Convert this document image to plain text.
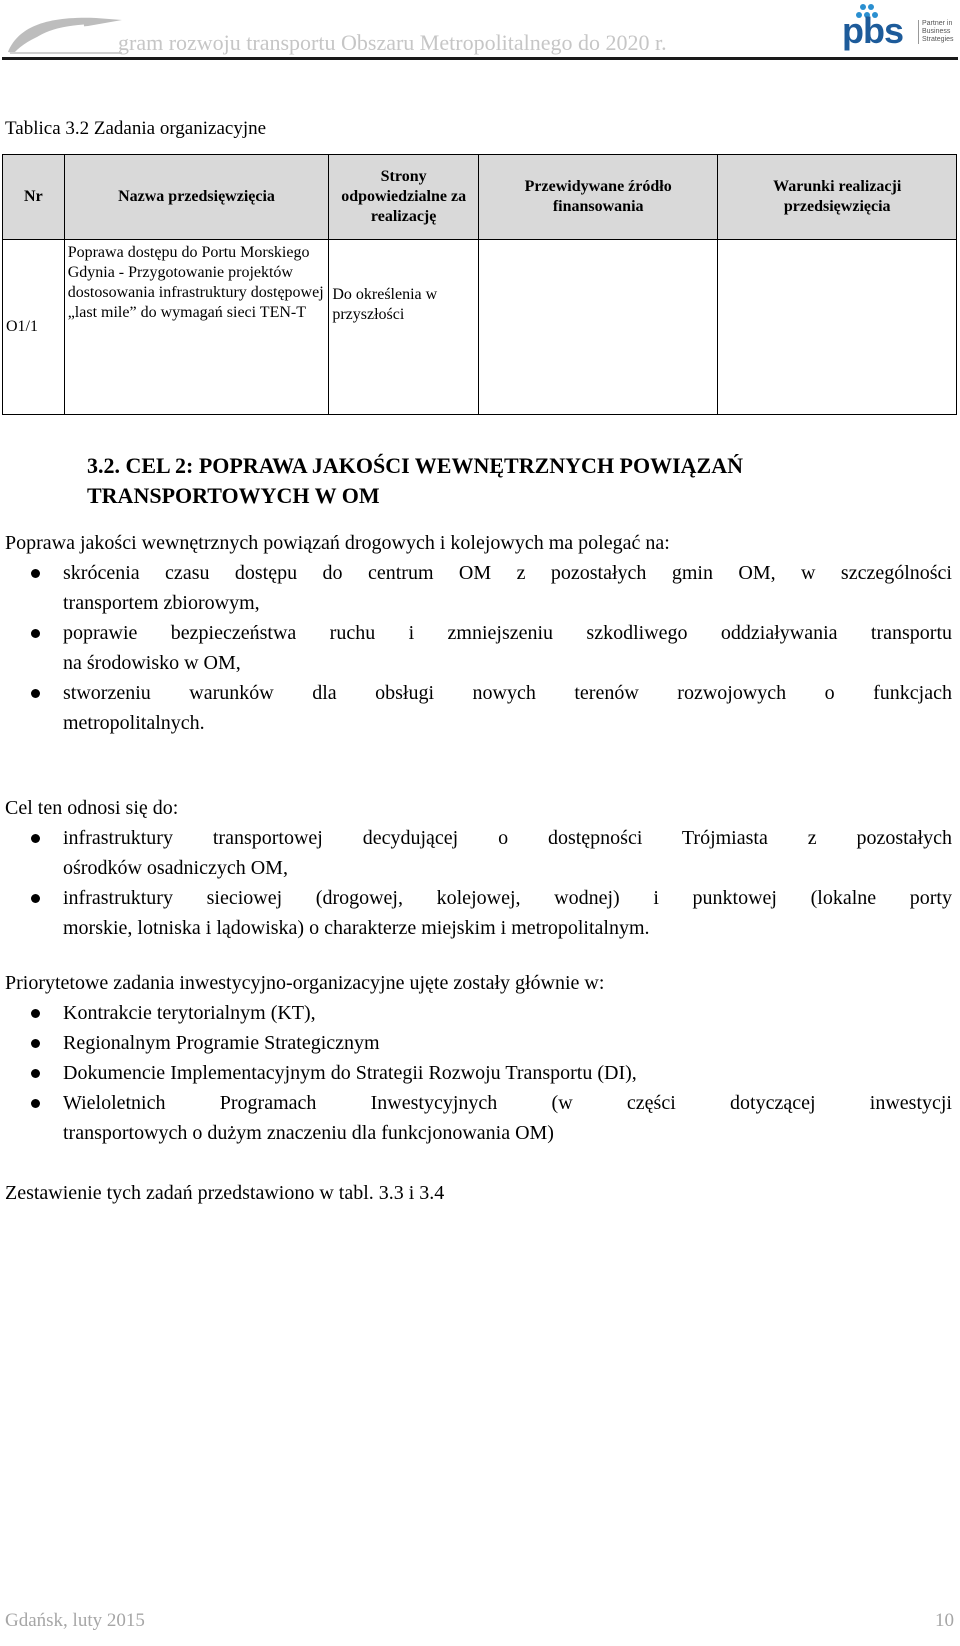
gram rozwoju transportu Obszaru Metropolitalnego do 2020 r.	pbs	Partner in Business Strategies
Tablica 3.2 Zadania organizacyjne
Nr	Nazwa przedsięwzięcia	Strony odpowiedzialne za realizację	Przewidywane źródło finansowania	Warunki realizacji przedsięwzięcia
O1/1	Poprawa dostępu do Portu Morskiego Gdynia - Przygotowanie projektów dostosowania infrastruktury dostępowej „last mile” do wymagań sieci TEN-T	Do określenia w przyszłości		
3.2. CEL 2: POPRAWA JAKOŚCI WEWNĘTRZNYCH POWIĄZAŃ TRANSPORTOWYCH W OM
Poprawa jakości wewnętrznych powiązań drogowych i kolejowych ma polegać na:
skrócenia czasu dostępu do centrum OM z pozostałych gmin OM, w szczególności
transportem zbiorowym,
poprawie bezpieczeństwa ruchu i zmniejszeniu szkodliwego oddziaływania transportu
na środowisko w OM,
stworzeniu warunków dla obsługi nowych terenów rozwojowych o funkcjach
metropolitalnych.
Cel ten odnosi się do:
infrastruktury transportowej decydującej o dostępności Trójmiasta z pozostałych
ośrodków osadniczych OM,
infrastruktury sieciowej (drogowej, kolejowej, wodnej) i punktowej (lokalne porty
morskie, lotniska i lądowiska) o charakterze miejskim i metropolitalnym.
Priorytetowe zadania inwestycyjno-organizacyjne ujęte zostały głównie w:
Kontrakcie terytorialnym (KT),
Regionalnym Programie Strategicznym
Dokumencie Implementacyjnym do Strategii Rozwoju Transportu (DI),
Wieloletnich Programach Inwestycyjnych (w części dotyczącej inwestycji
transportowych o dużym znaczeniu dla funkcjonowania OM)
Zestawienie tych zadań przedstawiono w tabl. 3.3 i 3.4
Gdańsk, luty 2015	10
